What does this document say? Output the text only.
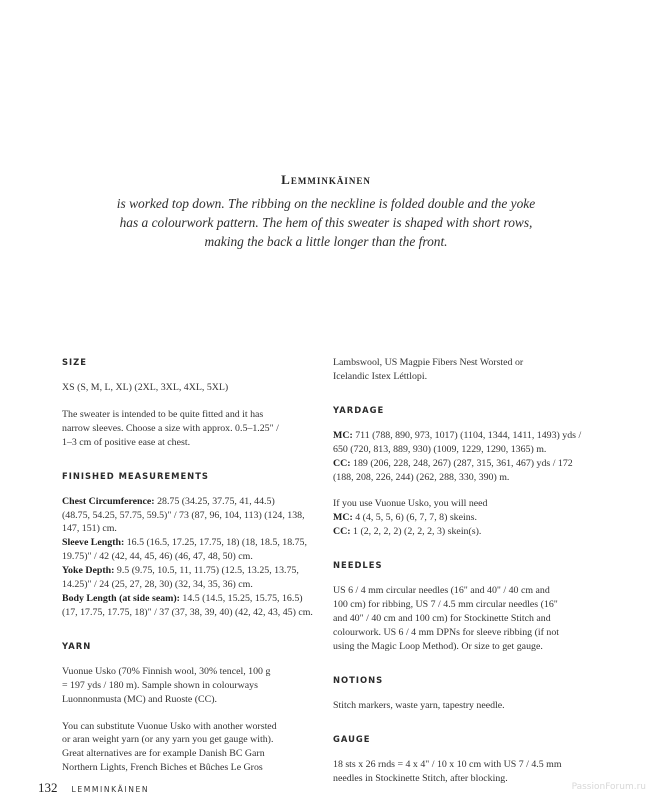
Lemminkäinen
is worked top down. The ribbing on the neckline is folded double and the yoke
has a colourwork pattern. The hem of this sweater is shaped with short rows,
making the back a little longer than the front.
SIZE
XS (S, M, L, XL) (2XL, 3XL, 4XL, 5XL)
The sweater is intended to be quite fitted and it has
narrow sleeves. Choose a size with approx. 0.5–1.25" /
1–3 cm of positive ease at chest.
FINISHED MEASUREMENTS
Chest Circumference: 28.75 (34.25, 37.75, 41, 44.5)
(48.75, 54.25, 57.75, 59.5)" / 73 (87, 96, 104, 113) (124, 138,
147, 151) cm.
Sleeve Length: 16.5 (16.5, 17.25, 17.75, 18) (18, 18.5, 18.75,
19.75)" / 42 (42, 44, 45, 46) (46, 47, 48, 50) cm.
Yoke Depth: 9.5 (9.75, 10.5, 11, 11.75) (12.5, 13.25, 13.75,
14.25)" / 24 (25, 27, 28, 30) (32, 34, 35, 36) cm.
Body Length (at side seam): 14.5 (14.5, 15.25, 15.75, 16.5)
(17, 17.75, 17.75, 18)" / 37 (37, 38, 39, 40) (42, 42, 43, 45) cm.
YARN
Vuonue Usko (70% Finnish wool, 30% tencel, 100 g
= 197 yds / 180 m). Sample shown in colourways
Luonnonmusta (MC) and Ruoste (CC).
You can substitute Vuonue Usko with another worsted
or aran weight yarn (or any yarn you get gauge with).
Great alternatives are for example Danish BC Garn
Northern Lights, French Biches et Bûches Le Gros
Lambswool, US Magpie Fibers Nest Worsted or
Icelandic Istex Léttlopi.
YARDAGE
MC: 711 (788, 890, 973, 1017) (1104, 1344, 1411, 1493) yds /
650 (720, 813, 889, 930) (1009, 1229, 1290, 1365) m.
CC: 189 (206, 228, 248, 267) (287, 315, 361, 467) yds / 172
(188, 208, 226, 244) (262, 288, 330, 390) m.
If you use Vuonue Usko, you will need
MC: 4 (4, 5, 5, 6) (6, 7, 7, 8) skeins.
CC: 1 (2, 2, 2, 2) (2, 2, 2, 3) skein(s).
NEEDLES
US 6 / 4 mm circular needles (16" and 40" / 40 cm and
100 cm) for ribbing, US 7 / 4.5 mm circular needles (16"
and 40" / 40 cm and 100 cm) for Stockinette Stitch and
colourwork. US 6 / 4 mm DPNs for sleeve ribbing (if not
using the Magic Loop Method). Or size to get gauge.
NOTIONS
Stitch markers, waste yarn, tapestry needle.
GAUGE
18 sts x 26 rnds = 4 x 4" / 10 x 10 cm with US 7 / 4.5 mm
needles in Stockinette Stitch, after blocking.
132 LEMMINKÄINEN	PassionForum.ru
